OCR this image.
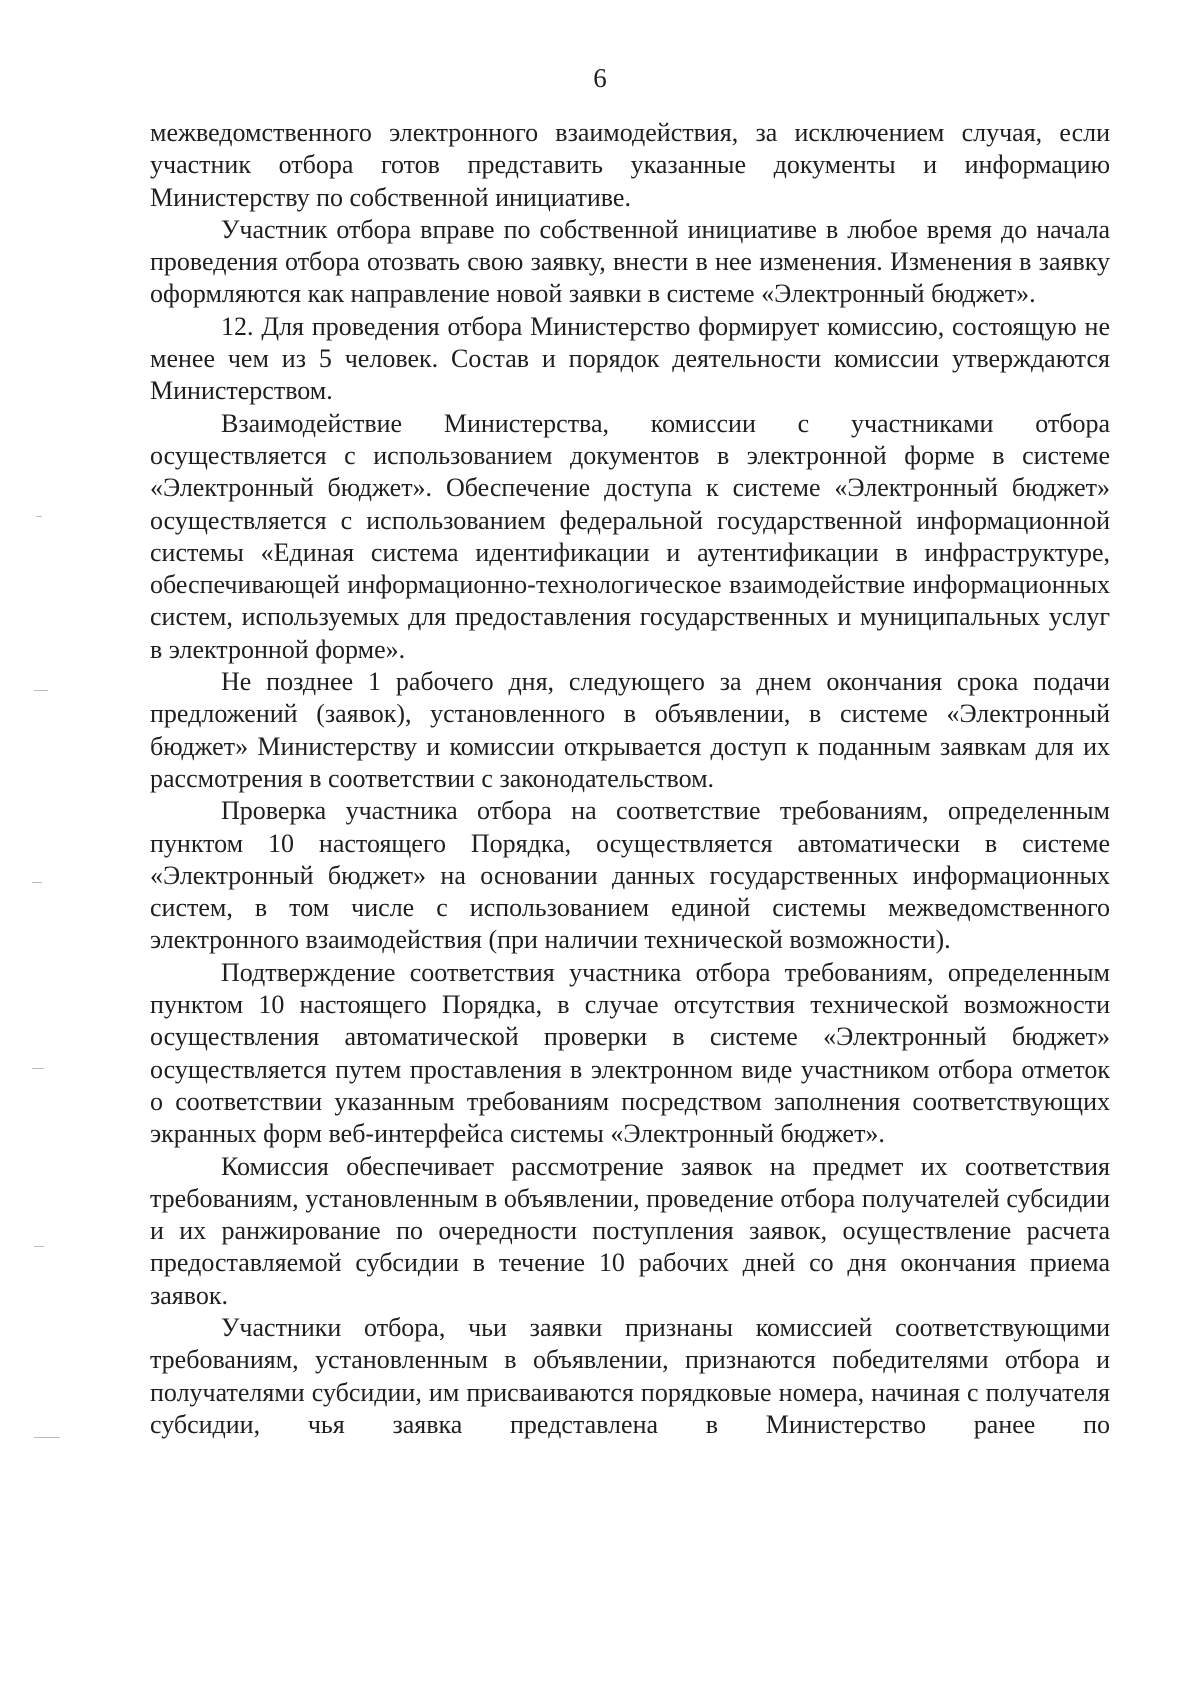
6

межведомственного электронного взаимодействия, за исключением случая, если участник отбора готов представить указанные документы и информацию Министерству по собственной инициативе.

Участник отбора вправе по собственной инициативе в любое время до начала проведения отбора отозвать свою заявку, внести в нее изменения. Изменения в заявку оформляются как направление новой заявки в системе «Электронный бюджет».

12. Для проведения отбора Министерство формирует комиссию, состоящую не менее чем из 5 человек. Состав и порядок деятельности комиссии утверждаются Министерством.

Взаимодействие Министерства, комиссии с участниками отбора осуществляется с использованием документов в электронной форме в системе «Электронный бюджет». Обеспечение доступа к системе «Электронный бюджет» осуществляется с использованием федеральной государственной информационной системы «Единая система идентификации и аутентификации в инфраструктуре, обеспечивающей информационно-технологическое взаимодействие информационных систем, используемых для предоставления государственных и муниципальных услуг в электронной форме».

Не позднее 1 рабочего дня, следующего за днем окончания срока подачи предложений (заявок), установленного в объявлении, в системе «Электронный бюджет» Министерству и комиссии открывается доступ к поданным заявкам для их рассмотрения в соответствии с законодательством.

Проверка участника отбора на соответствие требованиям, определенным пунктом 10 настоящего Порядка, осуществляется автоматически в системе «Электронный бюджет» на основании данных государственных информационных систем, в том числе с использованием единой системы межведомственного электронного взаимодействия (при наличии технической возможности).

Подтверждение соответствия участника отбора требованиям, определенным пунктом 10 настоящего Порядка, в случае отсутствия технической возможности осуществления автоматической проверки в системе «Электронный бюджет» осуществляется путем проставления в электронном виде участником отбора отметок о соответствии указанным требованиям посредством заполнения соответствующих экранных форм веб-интерфейса системы «Электронный бюджет».

Комиссия обеспечивает рассмотрение заявок на предмет их соответствия требованиям, установленным в объявлении, проведение отбора получателей субсидии и их ранжирование по очередности поступления заявок, осуществление расчета предоставляемой субсидии в течение 10 рабочих дней со дня окончания приема заявок.

Участники отбора, чьи заявки признаны комиссией соответствующими требованиям, установленным в объявлении, признаются победителями отбора и получателями субсидии, им присваиваются порядковые номера, начиная с получателя субсидии, чья заявка представлена в Министерство ранее по
